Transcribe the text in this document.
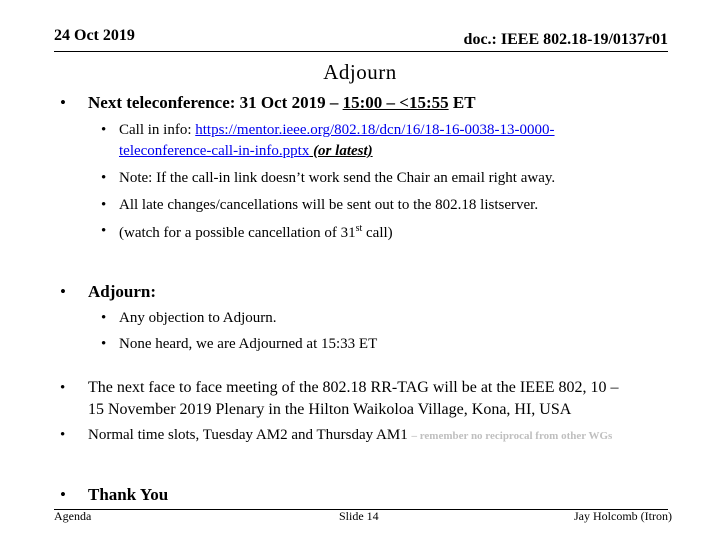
24 Oct 2019	doc.: IEEE 802.18-19/0137r01
Adjourn
• Next teleconference: 31 Oct 2019 – 15:00 – <15:55 ET
• Call in info: https://mentor.ieee.org/802.18/dcn/16/18-16-0038-13-0000-
teleconference-call-in-info.pptx (or latest)
• Note: If the call-in link doesn’t work send the Chair an email right away.
• All late changes/cancellations will be sent out to the 802.18 listserver.
• (watch for a possible cancellation of 31st call)
• Adjourn:
• Any objection to Adjourn.
• None heard, we are Adjourned at 15:33 ET
• The next face to face meeting of the 802.18 RR-TAG will be at the IEEE 802, 10 –
15 November 2019 Plenary in the Hilton Waikoloa Village, Kona, HI, USA
• Normal time slots, Tuesday AM2 and Thursday AM1 – remember no reciprocal from other WGs
• Thank You
Agenda	Slide 14	Jay Holcomb (Itron)
